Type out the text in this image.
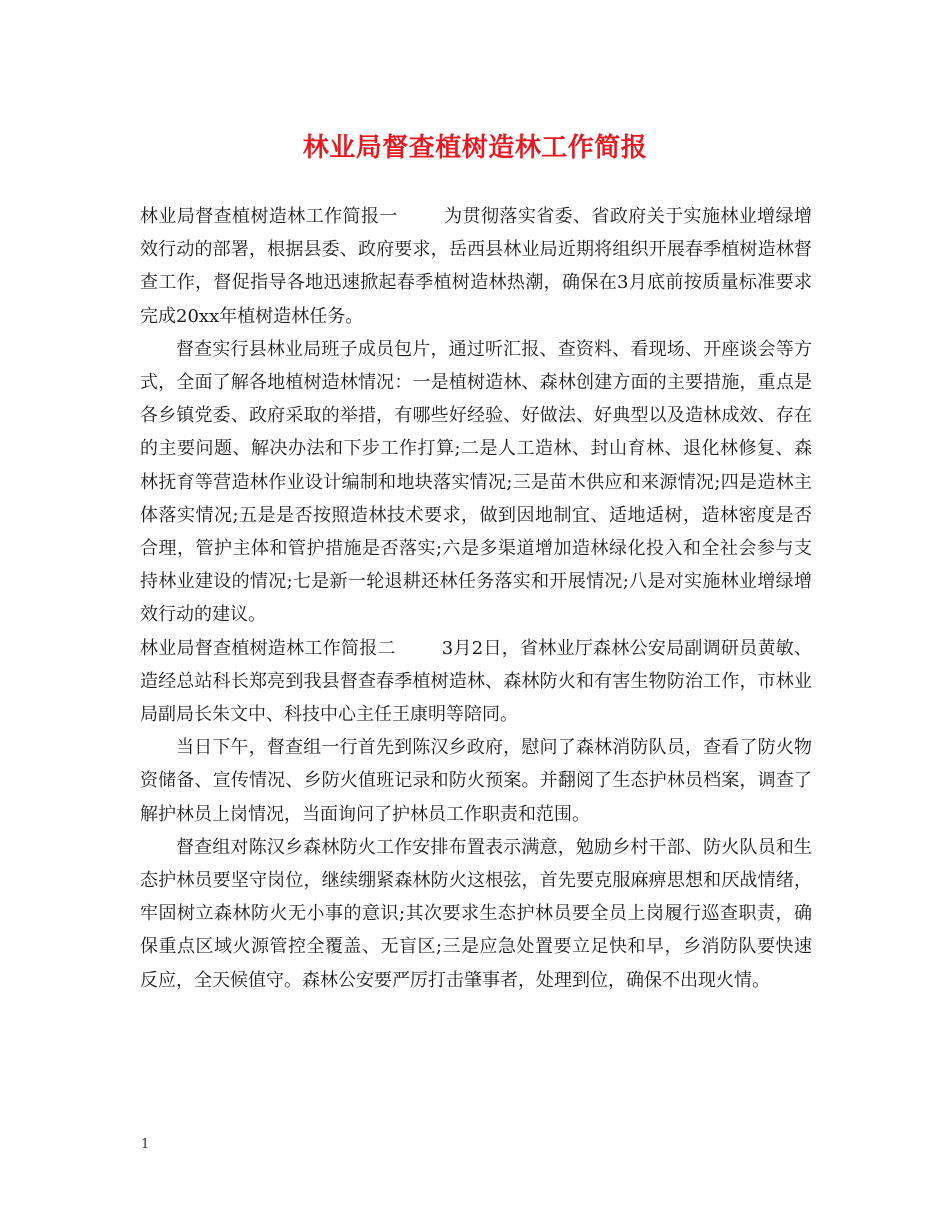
林业局督查植树造林工作简报

林业局督查植树造林工作简报一	为贯彻落实省委、省政府关于实施林业增绿增效行动的部署，根据县委、政府要求，岳西县林业局近期将组织开展春季植树造林督查工作，督促指导各地迅速掀起春季植树造林热潮，确保在3月底前按质量标准要求完成20xx年植树造林任务。

督查实行县林业局班子成员包片，通过听汇报、查资料、看现场、开座谈会等方式，全面了解各地植树造林情况：一是植树造林、森林创建方面的主要措施，重点是各乡镇党委、政府采取的举措，有哪些好经验、好做法、好典型以及造林成效、存在的主要问题、解决办法和下步工作打算;二是人工造林、封山育林、退化林修复、森林抚育等营造林作业设计编制和地块落实情况;三是苗木供应和来源情况;四是造林主体落实情况;五是是否按照造林技术要求，做到因地制宜、适地适树，造林密度是否合理，管护主体和管护措施是否落实;六是多渠道增加造林绿化投入和全社会参与支持林业建设的情况;七是新一轮退耕还林任务落实和开展情况;八是对实施林业增绿增效行动的建议。

林业局督查植树造林工作简报二	3月2日，省林业厅森林公安局副调研员黄敏、造经总站科长郑亮到我县督查春季植树造林、森林防火和有害生物防治工作，市林业局副局长朱文中、科技中心主任王康明等陪同。

当日下午，督查组一行首先到陈汉乡政府，慰问了森林消防队员，查看了防火物资储备、宣传情况、乡防火值班记录和防火预案。并翻阅了生态护林员档案，调查了解护林员上岗情况，当面询问了护林员工作职责和范围。

督查组对陈汉乡森林防火工作安排布置表示满意，勉励乡村干部、防火队员和生态护林员要坚守岗位，继续绷紧森林防火这根弦，首先要克服麻痹思想和厌战情绪，牢固树立森林防火无小事的意识;其次要求生态护林员要全员上岗履行巡查职责，确保重点区域火源管控全覆盖、无盲区;三是应急处置要立足快和早，乡消防队要快速反应，全天候值守。森林公安要严厉打击肇事者，处理到位，确保不出现火情。

1
